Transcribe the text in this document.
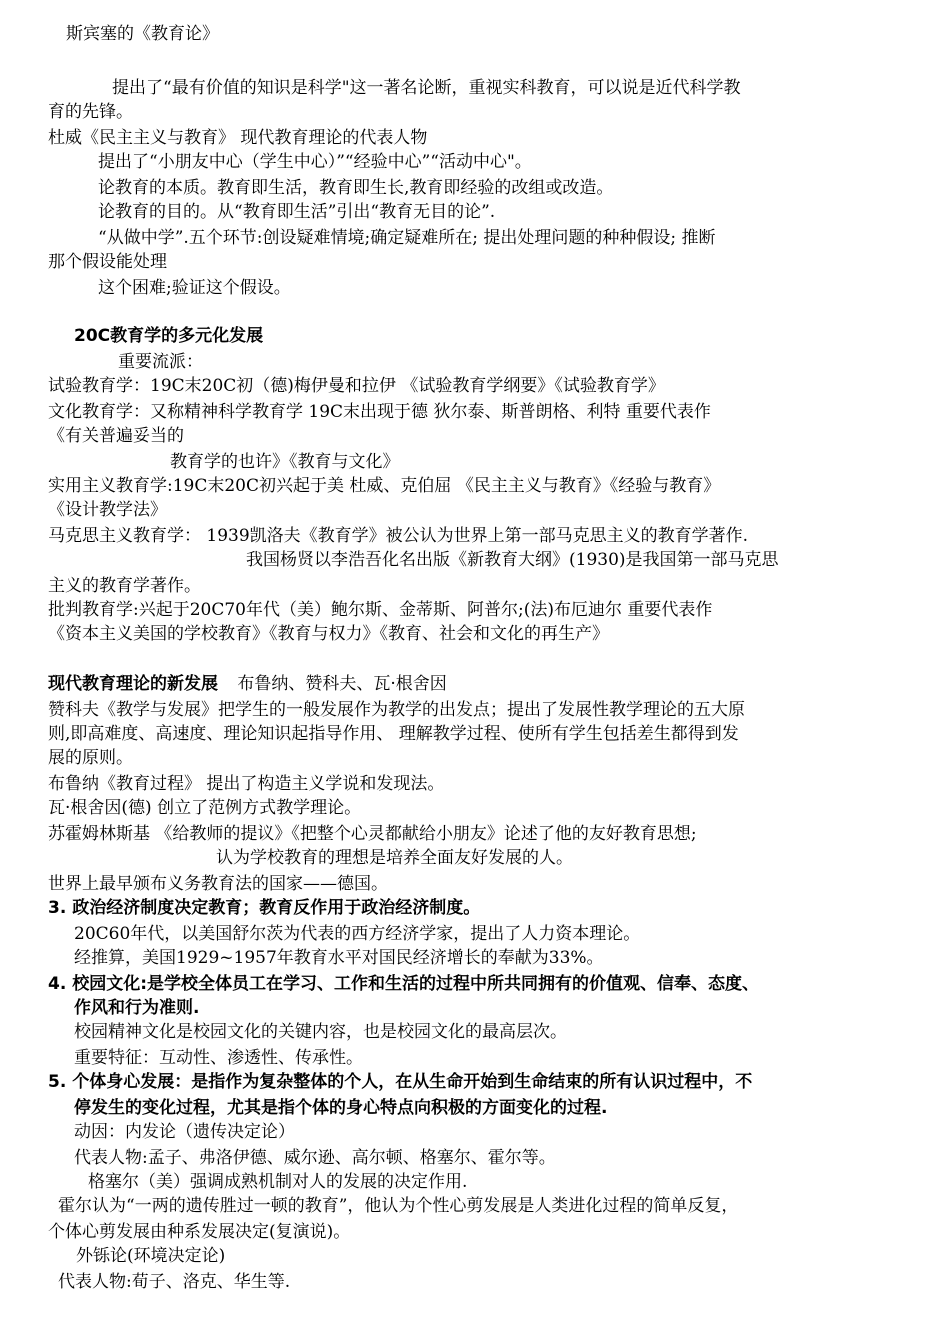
斯宾塞的《教育论》
提出了“最有价值的知识是科学"这一著名论断，重视实科教育，可以说是近代科学教
育的先锋。
杜威《民主主义与教育》 现代教育理论的代表人物
提出了“小朋友中心（学生中心）”“经验中心”“活动中心"。
论教育的本质。教育即生活，教育即生长,教育即经验的改组或改造。
论教育的目的。从“教育即生活”引出“教育无目的论”.
“从做中学”.五个环节:创设疑难情境;确定疑难所在; 提出处理问题的种种假设; 推断
那个假设能处理
这个困难;验证这个假设。
20C教育学的多元化发展
重要流派：
试验教育学：19C末20C初（德)梅伊曼和拉伊 《试验教育学纲要》《试验教育学》
文化教育学：又称精神科学教育学 19C末出现于德 狄尔泰、斯普朗格、利特 重要代表作
《有关普遍妥当的
教育学的也许》《教育与文化》
实用主义教育学:19C末20C初兴起于美 杜威、克伯屈 《民主主义与教育》《经验与教育》
《设计教学法》
马克思主义教育学： 1939凯洛夫《教育学》被公认为世界上第一部马克思主义的教育学著作.
我国杨贤以李浩吾化名出版《新教育大纲》(1930)是我国第一部马克思
主义的教育学著作。
批判教育学:兴起于20C70年代（美）鲍尔斯、金蒂斯、阿普尔;(法)布厄迪尔 重要代表作
《资本主义美国的学校教育》《教育与权力》《教育、社会和文化的再生产》
现代教育理论的新发展 布鲁纳、赞科夫、瓦·根舍因
赞科夫《教学与发展》把学生的一般发展作为教学的出发点；提出了发展性教学理论的五大原
则,即高难度、高速度、理论知识起指导作用、 理解教学过程、使所有学生包括差生都得到发
展的原则。
布鲁纳《教育过程》 提出了构造主义学说和发现法。
瓦·根舍因(德) 创立了范例方式教学理论。
苏霍姆林斯基 《给教师的提议》《把整个心灵都献给小朋友》论述了他的友好教育思想;
认为学校教育的理想是培养全面友好发展的人。
世界上最早颁布义务教育法的国家——德国。
3. 政治经济制度决定教育；教育反作用于政治经济制度。
20C60年代，以美国舒尔茨为代表的西方经济学家，提出了人力资本理论。
经推算，美国1929~1957年教育水平对国民经济增长的奉献为33%。
4. 校园文化:是学校全体员工在学习、工作和生活的过程中所共同拥有的价值观、信奉、态度、
作风和行为准则.
校园精神文化是校园文化的关键内容，也是校园文化的最高层次。
重要特征：互动性、渗透性、传承性。
5. 个体身心发展：是指作为复杂整体的个人，在从生命开始到生命结束的所有认识过程中，不
停发生的变化过程，尤其是指个体的身心特点向积极的方面变化的过程.
动因：内发论（遗传决定论）
代表人物:孟子、弗洛伊德、威尔逊、高尔顿、格塞尔、霍尔等。
格塞尔（美）强调成熟机制对人的发展的决定作用.
霍尔认为“一两的遗传胜过一顿的教育”，他认为个性心剪发展是人类进化过程的简单反复，
个体心剪发展由种系发展决定(复演说)。
外铄论(环境决定论)
代表人物:荀子、洛克、华生等.
